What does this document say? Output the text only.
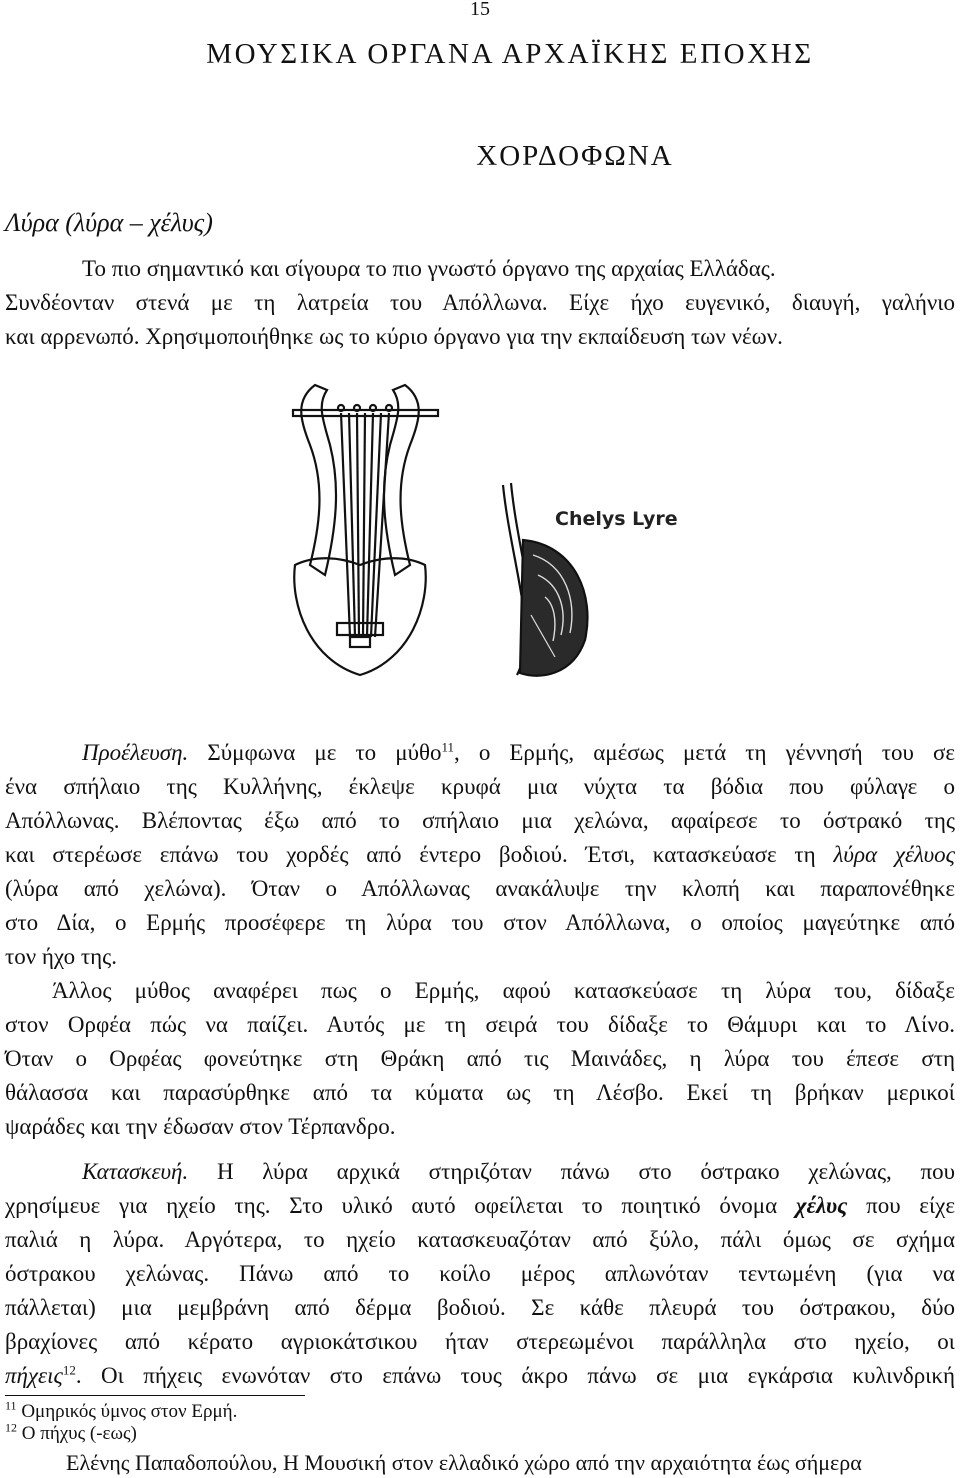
15
ΜΟΥΣΙΚΑ ΟΡΓΑΝΑ ΑΡΧΑΪΚΗΣ ΕΠΟΧΗΣ
ΧΟΡΔΟΦΩΝΑ
Λύρα (λύρα – χέλυς)
Το πιο σημαντικό και σίγουρα το πιο γνωστό όργανο της αρχαίας Ελλάδας.
Συνδέονταν στενά με τη λατρεία του Απόλλωνα. Είχε ήχο ευγενικό, διαυγή, γαλήνιο
και αρρενωπό. Χρησιμοποιήθηκε ως το κύριο όργανο για την εκπαίδευση των νέων.
Chelys Lyre
Προέλευση. Σύμφωνα με το μύθο$^{11}$, ο Ερμής, αμέσως μετά τη γέννησή του σε
ένα σπήλαιο της Κυλλήνης, έκλεψε κρυφά μια νύχτα τα βόδια που φύλαγε ο
Απόλλωνας. Βλέποντας έξω από το σπήλαιο μια χελώνα, αφαίρεσε το όστρακό της
και στερέωσε επάνω του χορδές από έντερο βοδιού. Έτσι, κατασκεύασε τη λύρα χέλυος
(λύρα από χελώνα). Όταν ο Απόλλωνας ανακάλυψε την κλοπή και παραπονέθηκε
στο Δία, ο Ερμής προσέφερε τη λύρα του στον Απόλλωνα, ο οποίος μαγεύτηκε από
τον ήχο της.
Άλλος μύθος αναφέρει πως ο Ερμής, αφού κατασκεύασε τη λύρα του, δίδαξε
στον Ορφέα πώς να παίζει. Αυτός με τη σειρά του δίδαξε το Θάμυρι και το Λίνο.
Όταν ο Ορφέας φονεύτηκε στη Θράκη από τις Μαινάδες, η λύρα του έπεσε στη
θάλασσα και παρασύρθηκε από τα κύματα ως τη Λέσβο. Εκεί τη βρήκαν μερικοί
ψαράδες και την έδωσαν στον Τέρπανδρο.
Κατασκευή. Η λύρα αρχικά στηριζόταν πάνω στο όστρακο χελώνας, που
χρησίμευε για ηχείο της. Στο υλικό αυτό οφείλεται το ποιητικό όνομα χέλυς που είχε
παλιά η λύρα. Αργότερα, το ηχείο κατασκευαζόταν από ξύλο, πάλι όμως σε σχήμα
όστρακου χελώνας. Πάνω από το κοίλο μέρος απλωνόταν τεντωμένη (για να
πάλλεται) μια μεμβράνη από δέρμα βοδιού. Σε κάθε πλευρά του όστρακου, δύο
βραχίονες από κέρατο αγριοκάτσικου ήταν στερεωμένοι παράλληλα στο ηχείο, οι
πήχεις$^{12}$. Οι πήχεις ενωνόταν στο επάνω τους άκρο πάνω σε μια εγκάρσια κυλινδρική
$^{11}$ Ομηρικός ύμνος στον Ερμή.
$^{12}$ Ο πήχυς (-εως)
Ελένης Παπαδοπούλου, Η Μουσική στον ελλαδικό χώρο από την αρχαιότητα έως σήμερα
